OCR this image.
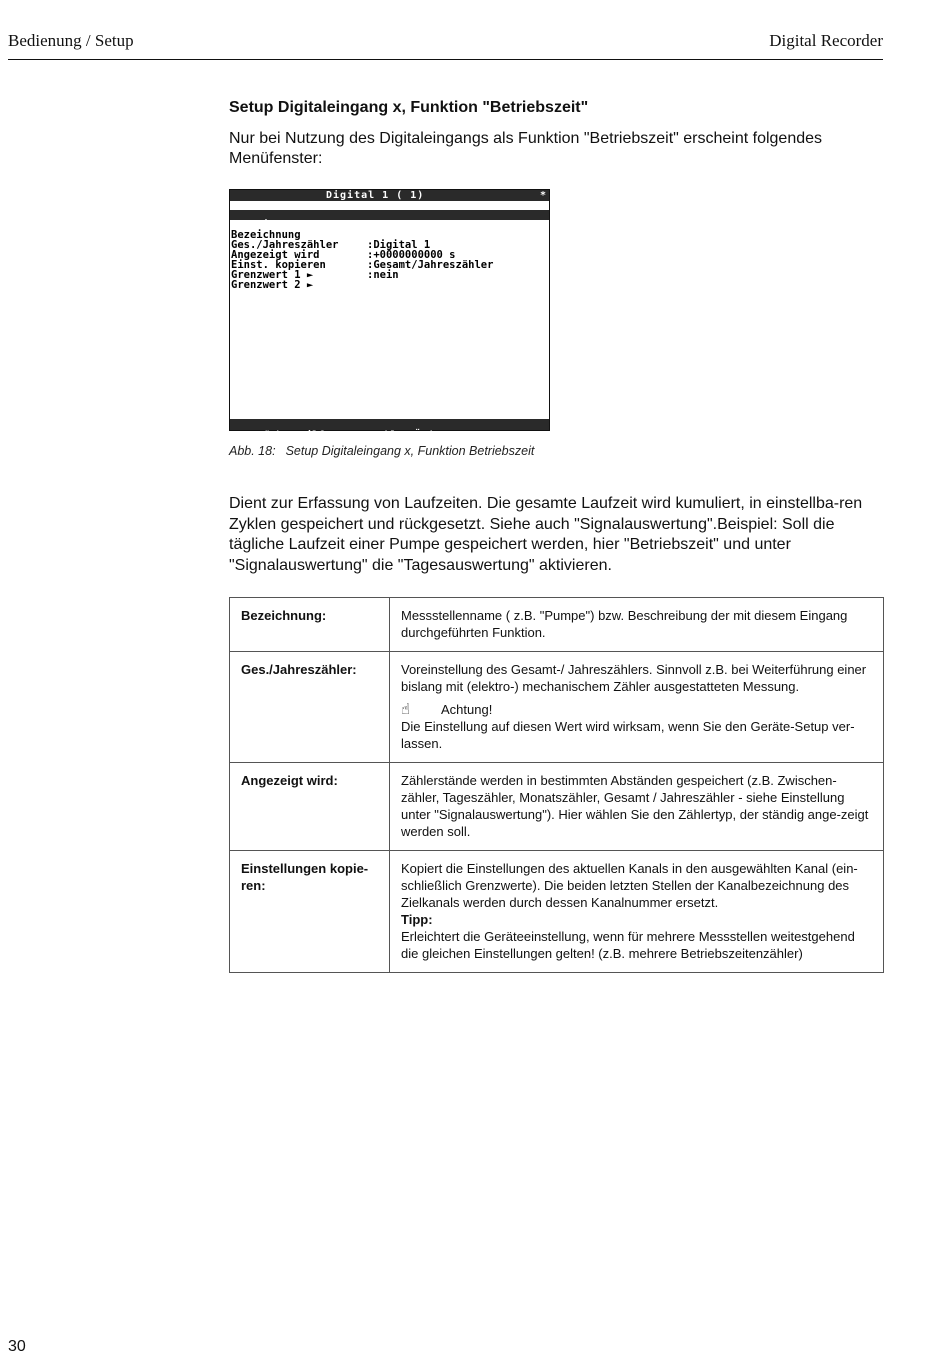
Bedienung / Setup	Digital Recorder
Setup Digitaleingang x, Funktion "Betriebszeit"
Nur bei Nutzung des Digitaleingangs als Funktion "Betriebszeit" erscheint folgendes Menüfenster:
Digital 1 ( 1)	*

Funktion

:Betriebszeit

Bezeichnung

:Digital 1

Ges./Jahreszähler

:+0000000000 s

Angezeigt wird

:Gesamt/Jahreszähler

Einst. kopieren

:nein

Grenzwert 1 ►

Grenzwert 2 ►

⊡=Zurück ←=Hilfe ↓↑=Auswahl E=Ändern

Abb. 18: Setup Digitaleingang x, Funktion Betriebszeit
Dient zur Erfassung von Laufzeiten. Die gesamte Laufzeit wird kumuliert, in einstellba-ren Zyklen gespeichert und rückgesetzt. Siehe auch "Signalauswertung".Beispiel: Soll die tägliche Laufzeit einer Pumpe gespeichert werden, hier "Betriebszeit" und unter "Signalauswertung" die "Tagesauswertung" aktivieren.
Bezeichnung:	Messstellenname ( z.B. "Pumpe") bzw. Beschreibung der mit diesem Eingang durchgeführten Funktion.

Ges./Jahreszähler:	Voreinstellung des Gesamt-/ Jahreszählers. Sinnvoll z.B. bei Weiterführung einer bislang mit (elektro-) mechanischem Zähler ausgestatteten Messung.
☝ Achtung!
Die Einstellung auf diesen Wert wird wirksam, wenn Sie den Geräte-Setup ver-lassen.

Angezeigt wird:	Zählerstände werden in bestimmten Abständen gespeichert (z.B. Zwischen-zähler, Tageszähler, Monatszähler, Gesamt / Jahreszähler - siehe Einstellung unter "Signalauswertung"). Hier wählen Sie den Zählertyp, der ständig ange-zeigt werden soll.

Einstellungen kopie-ren:	Kopiert die Einstellungen des aktuellen Kanals in den ausgewählten Kanal (ein-schließlich Grenzwerte). Die beiden letzten Stellen der Kanalbezeichnung des Zielkanals werden durch dessen Kanalnummer ersetzt.
Tipp:
Erleichtert die Geräteeinstellung, wenn für mehrere Messstellen weitestgehend die gleichen Einstellungen gelten! (z.B. mehrere Betriebszeitenzähler)
30
